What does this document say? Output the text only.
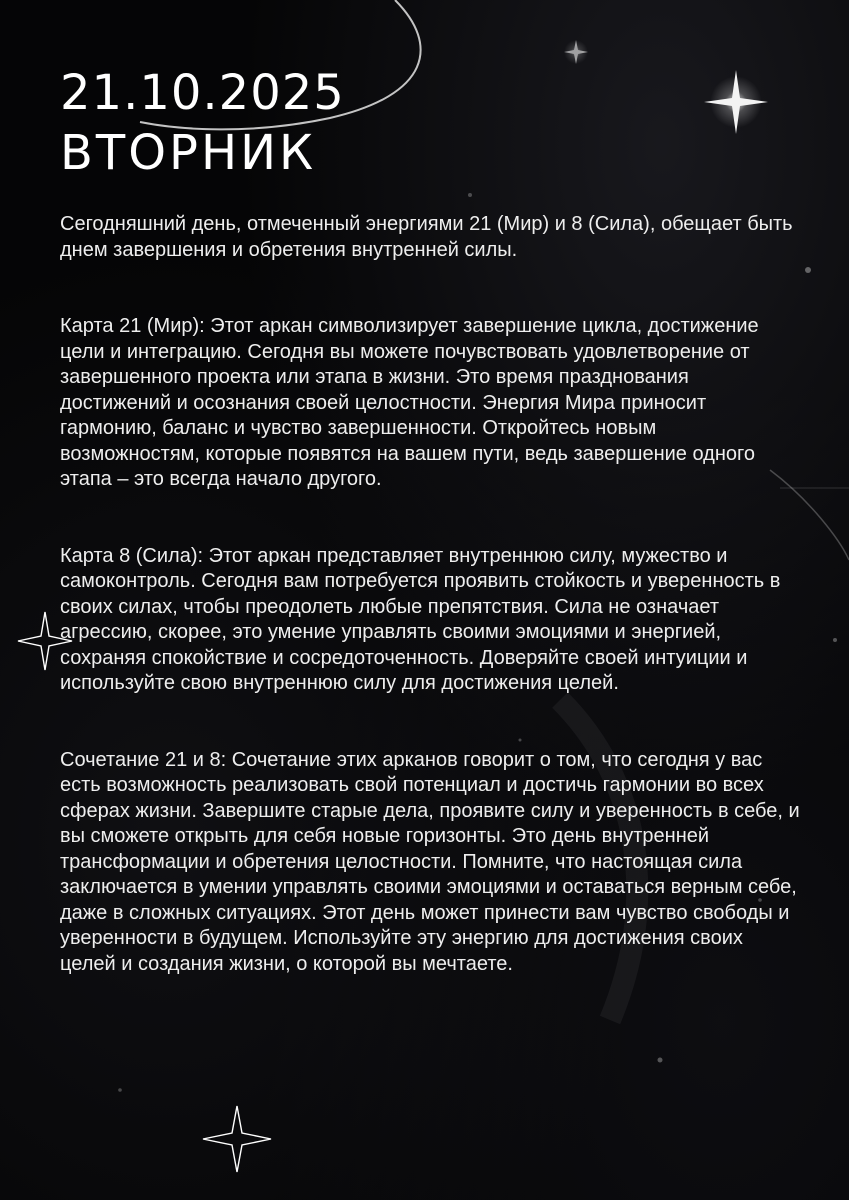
21.10.2025
ВТОРНИК

Сегодняшний день, отмеченный энергиями 21 (Мир) и 8 (Сила), обещает быть днем завершения и обретения внутренней силы.

Карта 21 (Мир): Этот аркан символизирует завершение цикла, достижение цели и интеграцию. Сегодня вы можете почувствовать удовлетворение от завершенного проекта или этапа в жизни. Это время празднования достижений и осознания своей целостности. Энергия Мира приносит гармонию, баланс и чувство завершенности. Откройтесь новым возможностям, которые появятся на вашем пути, ведь завершение одного этапа – это всегда начало другого.

Карта 8 (Сила): Этот аркан представляет внутреннюю силу, мужество и самоконтроль. Сегодня вам потребуется проявить стойкость и уверенность в своих силах, чтобы преодолеть любые препятствия. Сила не означает агрессию, скорее, это умение управлять своими эмоциями и энергией, сохраняя спокойствие и сосредоточенность. Доверяйте своей интуиции и используйте свою внутреннюю силу для достижения целей.

Сочетание 21 и 8: Сочетание этих арканов говорит о том, что сегодня у вас есть возможность реализовать свой потенциал и достичь гармонии во всех сферах жизни. Завершите старые дела, проявите силу и уверенность в себе, и вы сможете открыть для себя новые горизонты. Это день внутренней трансформации и обретения целостности. Помните, что настоящая сила заключается в умении управлять своими эмоциями и оставаться верным себе, даже в сложных ситуациях. Этот день может принести вам чувство свободы и уверенности в будущем. Используйте эту энергию для достижения своих целей и создания жизни, о которой вы мечтаете.
